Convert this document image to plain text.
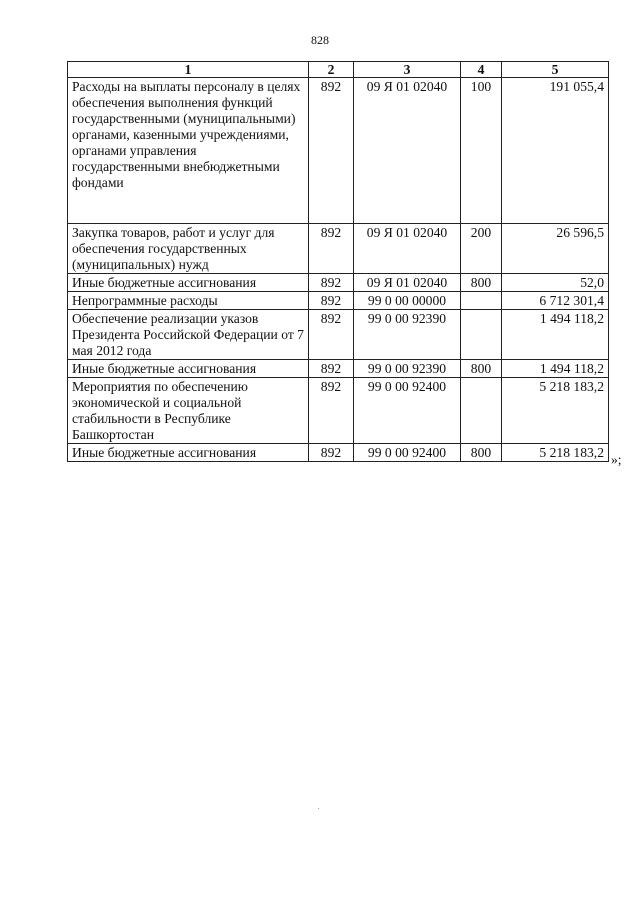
828
1	2	3	4	5
Расходы на выплаты персоналу в целях обеспечения выполнения функций государственными (муниципальными) органами, казенными учреждениями, органами управления государственными внебюджетными фондами	892	09 Я 01 02040	100	191 055,4
Закупка товаров, работ и услуг для обеспечения государственных (муниципальных) нужд	892	09 Я 01 02040	200	26 596,5
Иные бюджетные ассигнования	892	09 Я 01 02040	800	52,0
Непрограммные расходы	892	99 0 00 00000		6 712 301,4
Обеспечение реализации указов Президента Российской Федерации от 7 мая 2012 года	892	99 0 00 92390		1 494 118,2
Иные бюджетные ассигнования	892	99 0 00 92390	800	1 494 118,2
Мероприятия по обеспечению экономической и социальной стабильности в Республике Башкортостан	892	99 0 00 92400		5 218 183,2
Иные бюджетные ассигнования	892	99 0 00 92400	800	5 218 183,2 »;
